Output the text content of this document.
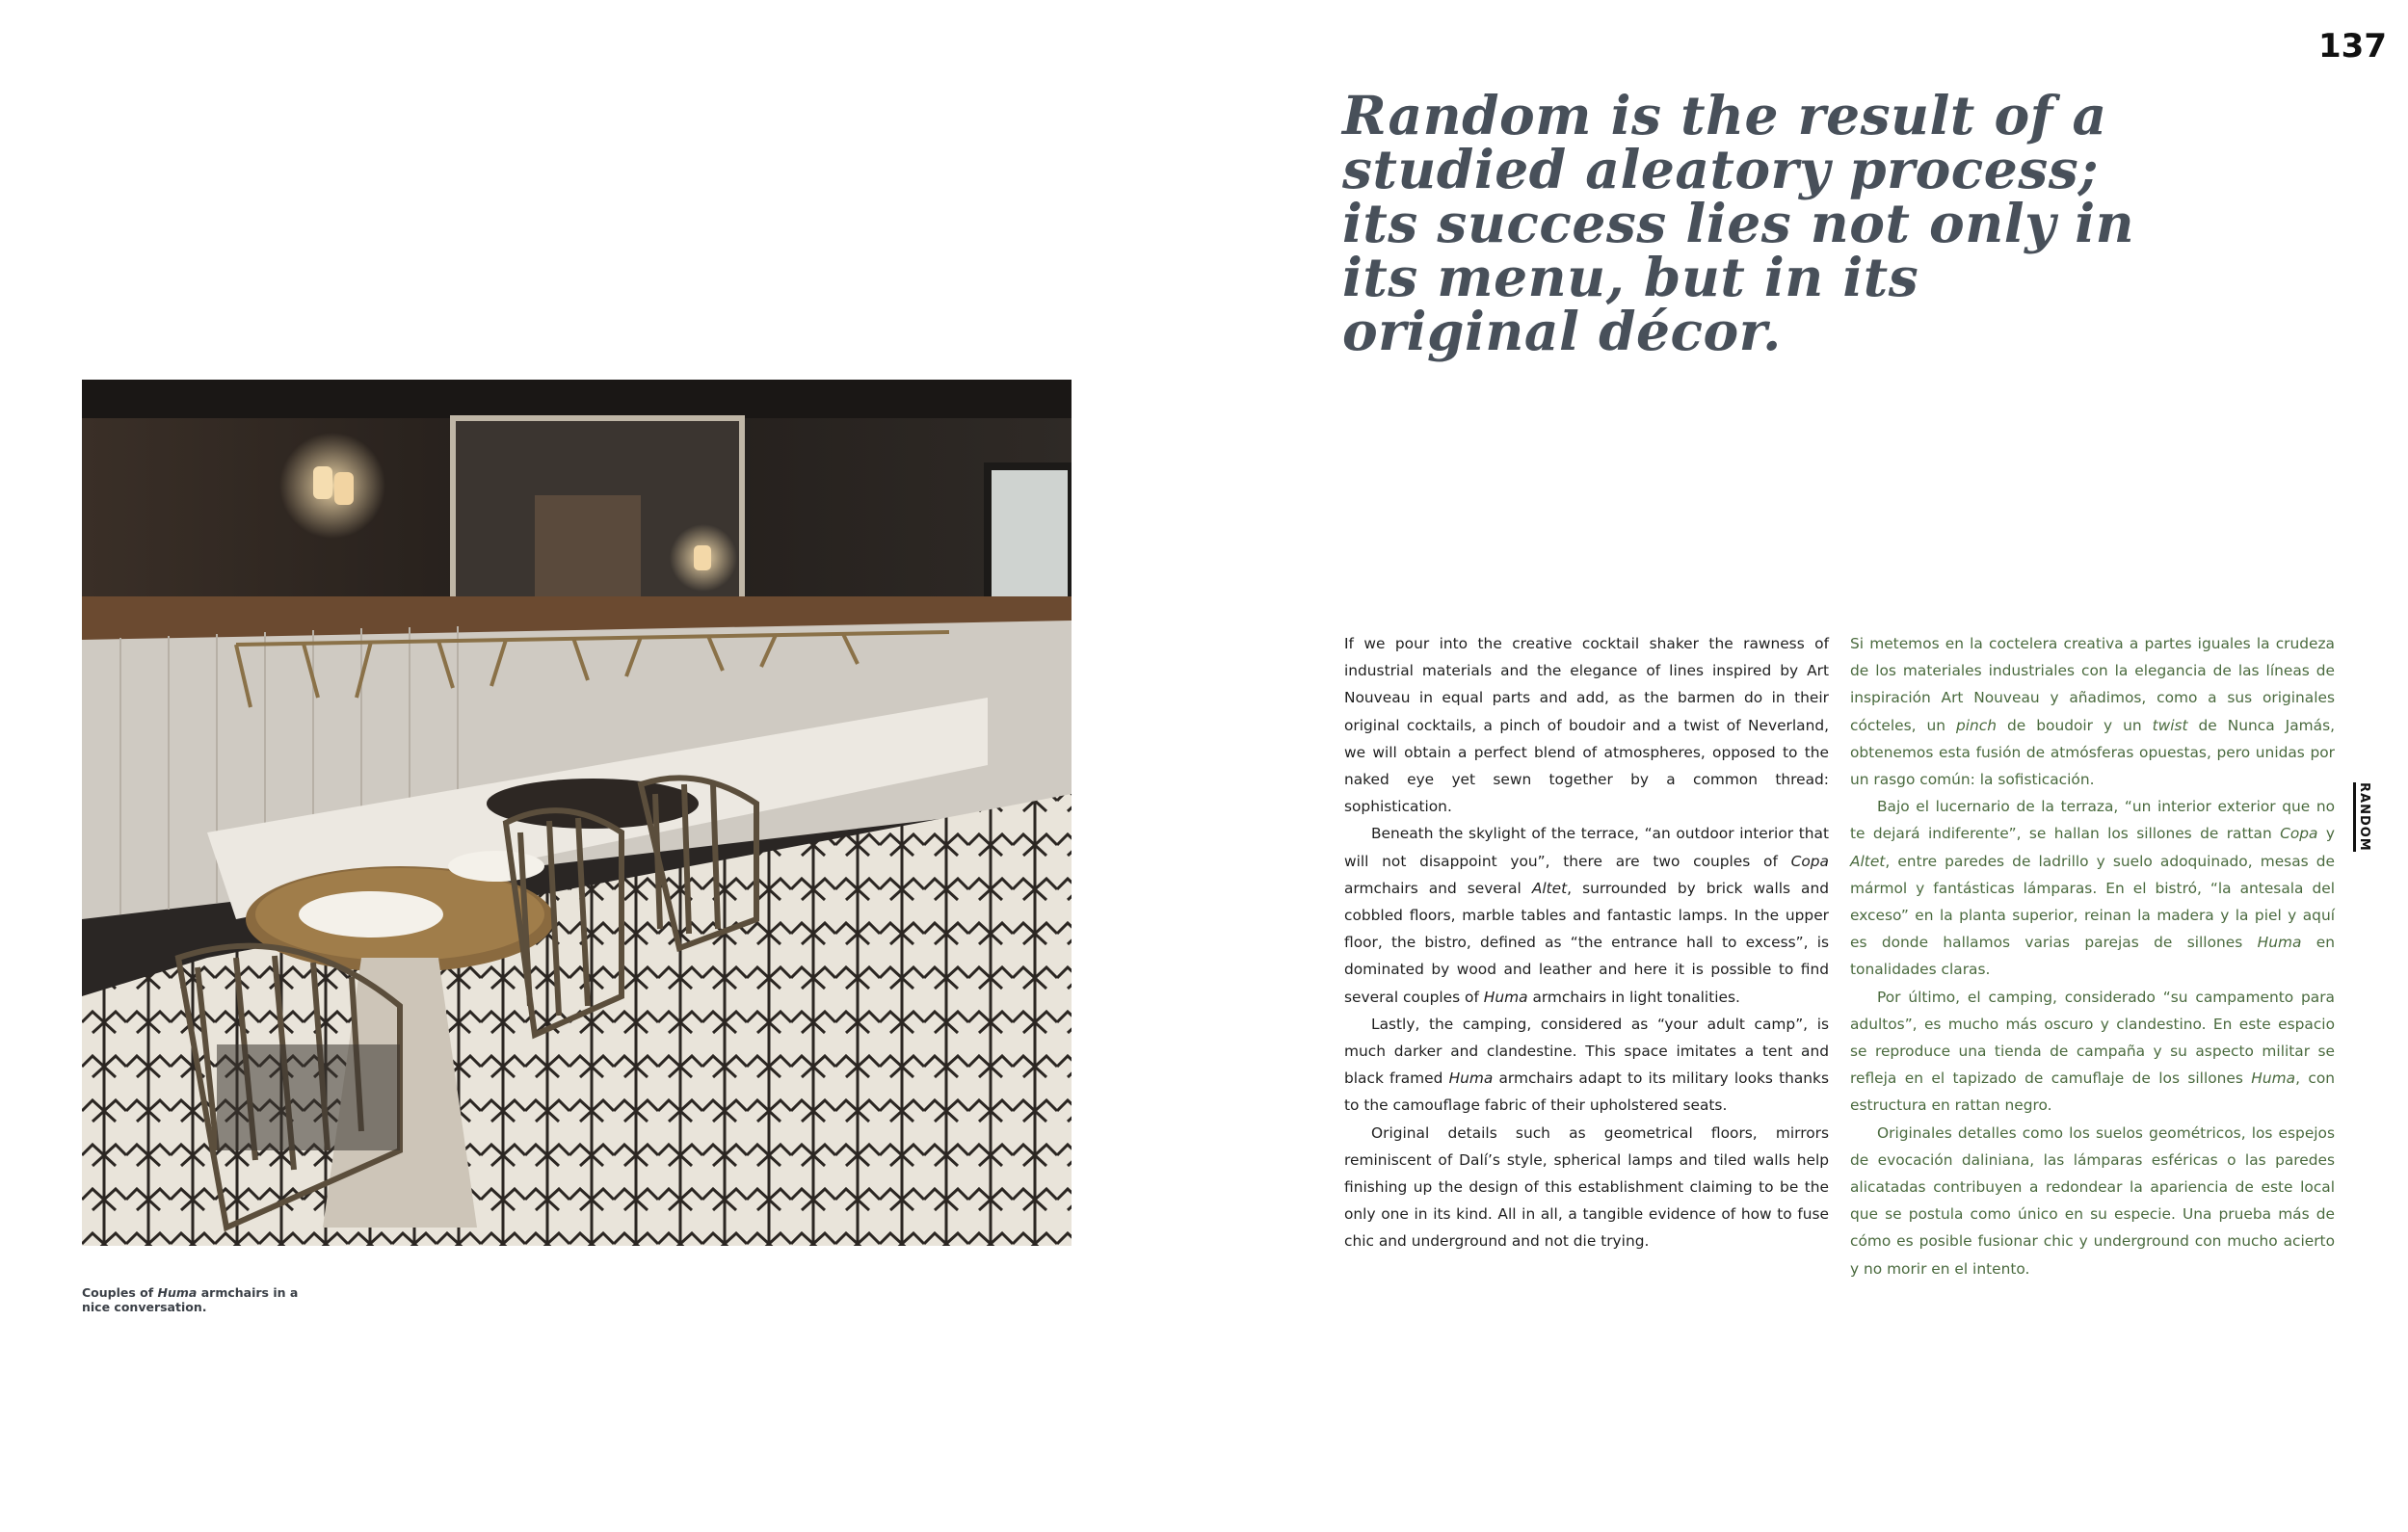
137
RANDOM
Random is the result of a studied aleatory process; its success lies not only in its menu, but in its original décor.
Couples of Huma armchairs in a nice conversation.

If we pour into the creative cocktail shaker the rawness of industrial materials and the elegance of lines inspired by Art Nouveau in equal parts and add, as the barmen do in their original cocktails, a pinch of boudoir and a twist of Neverland, we will obtain a perfect blend of atmospheres, opposed to the naked eye yet sewn together by a common thread: sophistication.

Beneath the skylight of the terrace, “an outdoor interior that will not disappoint you”, there are two couples of Copa armchairs and several Altet, surrounded by brick walls and cobbled floors, marble tables and fantastic lamps. In the upper floor, the bistro, defined as “the entrance hall to excess”, is dominated by wood and leather and here it is possible to find several couples of Huma armchairs in light tonalities.

Lastly, the camping, considered as “your adult camp”, is much darker and clandestine. This space imitates a tent and black framed Huma armchairs adapt to its military looks thanks to the camouflage fabric of their upholstered seats.

Original details such as geometrical floors, mirrors reminiscent of Dalí’s style, spherical lamps and tiled walls help finishing up the design of this establishment claiming to be the only one in its kind. All in all, a tangible evidence of how to fuse chic and underground and not die trying.

Si metemos en la coctelera creativa a partes iguales la crudeza de los materiales industriales con la elegancia de las líneas de inspiración Art Nouveau y añadimos, como a sus originales cócteles, un pinch de boudoir y un twist de Nunca Jamás, obtenemos esta fusión de atmósferas opuestas, pero unidas por un rasgo común: la sofisticación.

Bajo el lucernario de la terraza, “un interior exterior que no te dejará indiferente”, se hallan los sillones de rattan Copa y Altet, entre paredes de ladrillo y suelo adoquinado, mesas de mármol y fantásticas lámparas. En el bistró, “la antesala del exceso” en la planta superior, reinan la madera y la piel y aquí es donde hallamos varias parejas de sillones Huma en tonalidades claras.

Por último, el camping, considerado “su campamento para adultos”, es mucho más oscuro y clandestino. En este espacio se reproduce una tienda de campaña y su aspecto militar se refleja en el tapizado de camuflaje de los sillones Huma, con estructura en rattan negro.

Originales detalles como los suelos geométricos, los espejos de evocación daliniana, las lámparas esféricas o las paredes alicatadas contribuyen a redondear la apariencia de este local que se postula como único en su especie. Una prueba más de cómo es posible fusionar chic y underground con mucho acierto y no morir en el intento.
